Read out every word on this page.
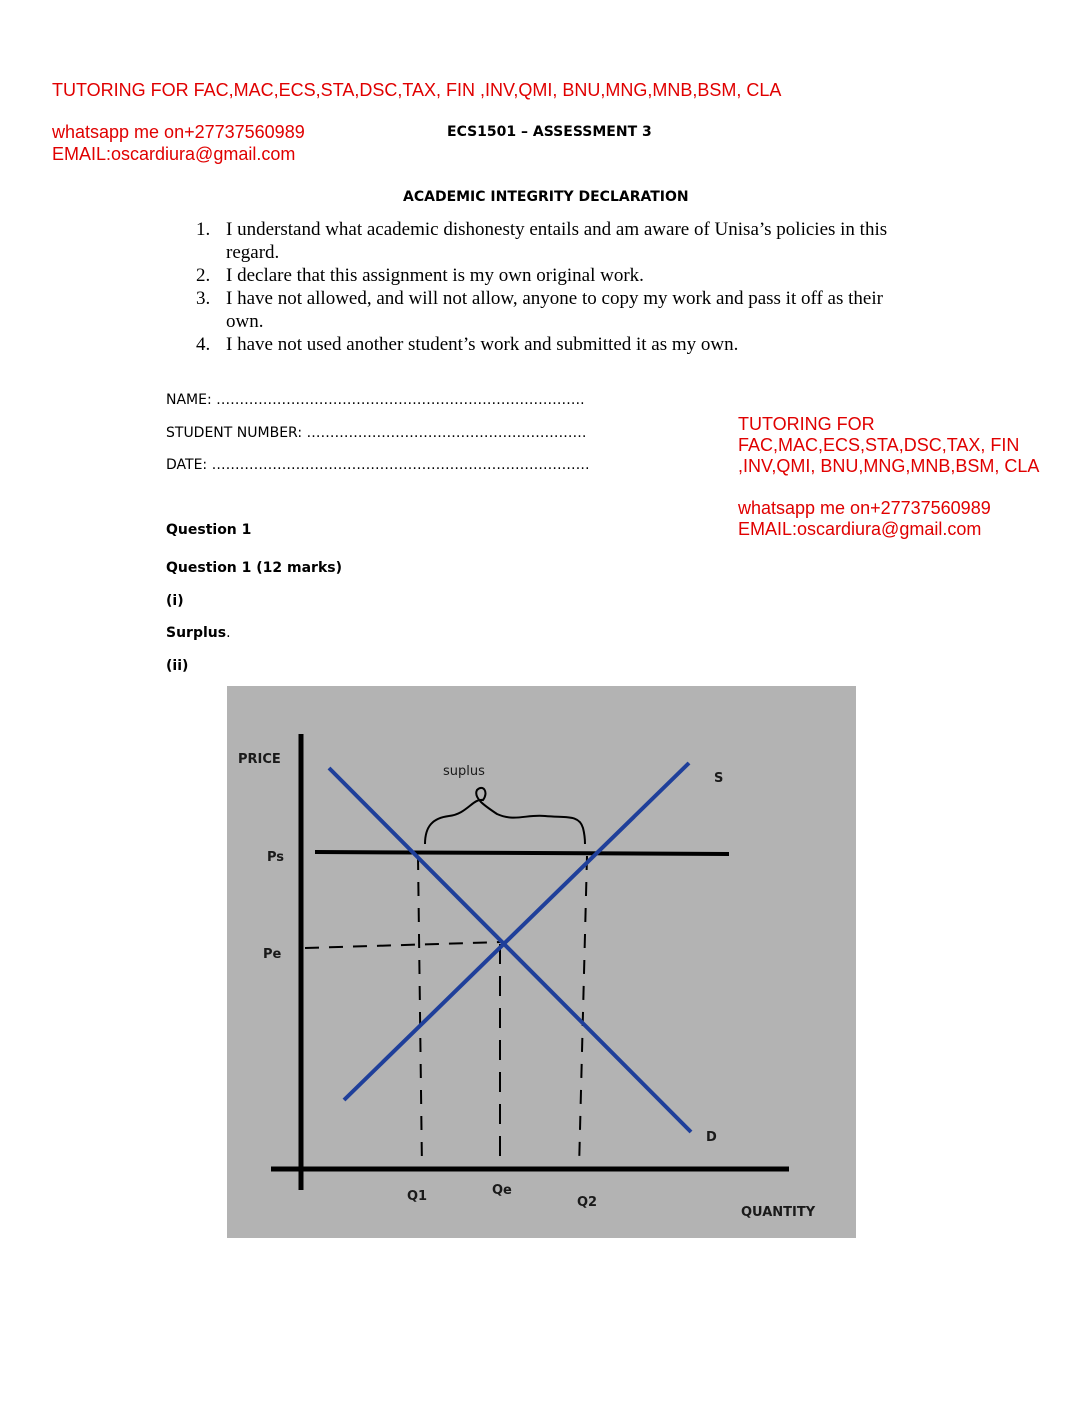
TUTORING FOR FAC,MAC,ECS,STA,DSC,TAX, FIN ,INV,QMI, BNU,MNG,MNB,BSM, CLA
whatsapp me on+27737560989
EMAIL:oscardiura@gmail.com
ECS1501 – ASSESSMENT 3
ACADEMIC INTEGRITY DECLARATION
1. I understand what academic dishonesty entails and am aware of Unisa’s policies in this regard.
2. I declare that this assignment is my own original work.
3. I have not allowed, and will not allow, anyone to copy my work and pass it off as their own.
4. I have not used another student’s work and submitted it as my own.
NAME: …………………………………………………………………….
STUDENT NUMBER: ……………………………………………………
DATE: ………………………………………………………………………
TUTORING FOR
FAC,MAC,ECS,STA,DSC,TAX, FIN
,INV,QMI, BNU,MNG,MNB,BSM, CLA
whatsapp me on+27737560989
EMAIL:oscardiura@gmail.com
Question 1
Question 1 (12 marks)
(i)
Surplus.
(ii)
PRICE
suplus	S
Ps
Pe
D
Q1	Qe
Q2
QUANTITY
